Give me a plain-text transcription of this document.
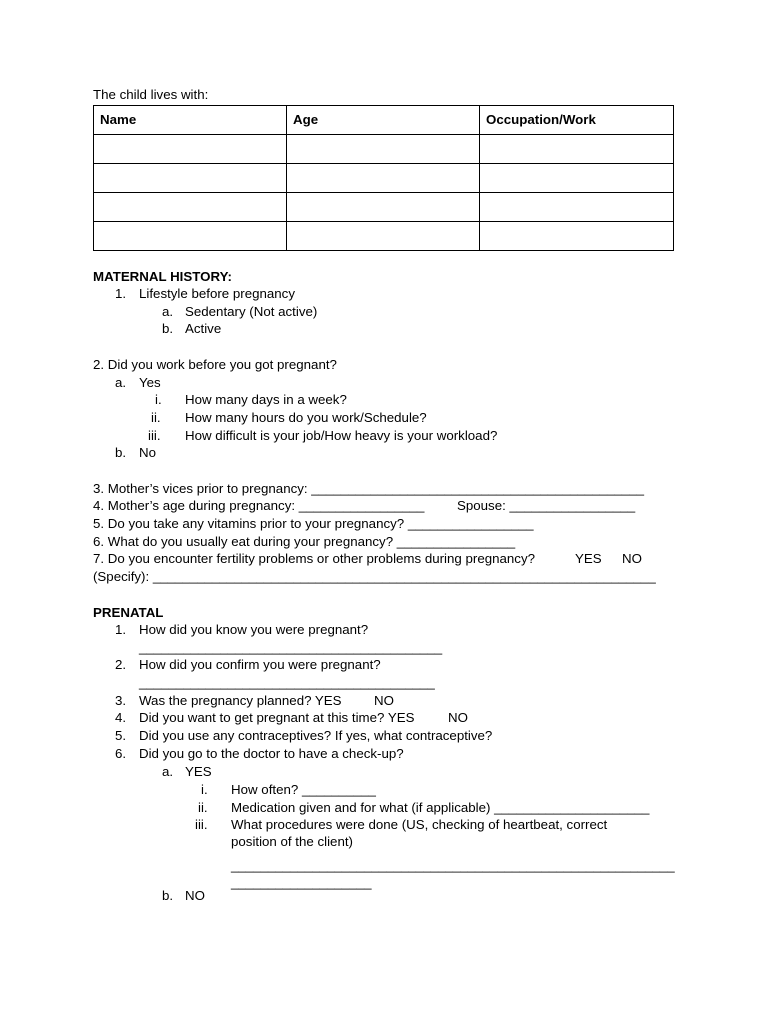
The child lives with:
Name	Age	Occupation/Work

MATERNAL HISTORY:
1. Lifestyle before pregnancy
a. Sedentary (Not active)
b. Active
2. Did you work before you got pregnant?
a. Yes
i. How many days in a week?
ii. How many hours do you work/Schedule?
iii. How difficult is your job/How heavy is your workload?
b. No
3. Mother’s vices prior to pregnancy: _____________________________________________
4. Mother’s age during pregnancy: _________________ Spouse: _________________
5. Do you take any vitamins prior to your pregnancy? _________________
6. What do you usually eat during your pregnancy? ________________
7. Do you encounter fertility problems or other problems during pregnancy?	YES NO
(Specify): ____________________________________________________________________
PRENATAL
1. How did you know you were pregnant?
_________________________________________
2. How did you confirm you were pregnant?
________________________________________
3. Was the pregnancy planned? YES NO
4. Did you want to get pregnant at this time? YES	NO
5. Did you use any contraceptives? If yes, what contraceptive?
6. Did you go to the doctor to have a check-up?
a. YES
i. How often? __________
ii. Medication given and for what (if applicable) _____________________
iii. What procedures were done (US, checking of heartbeat, correct
position of the client)
____________________________________________________________
___________________
b. NO
